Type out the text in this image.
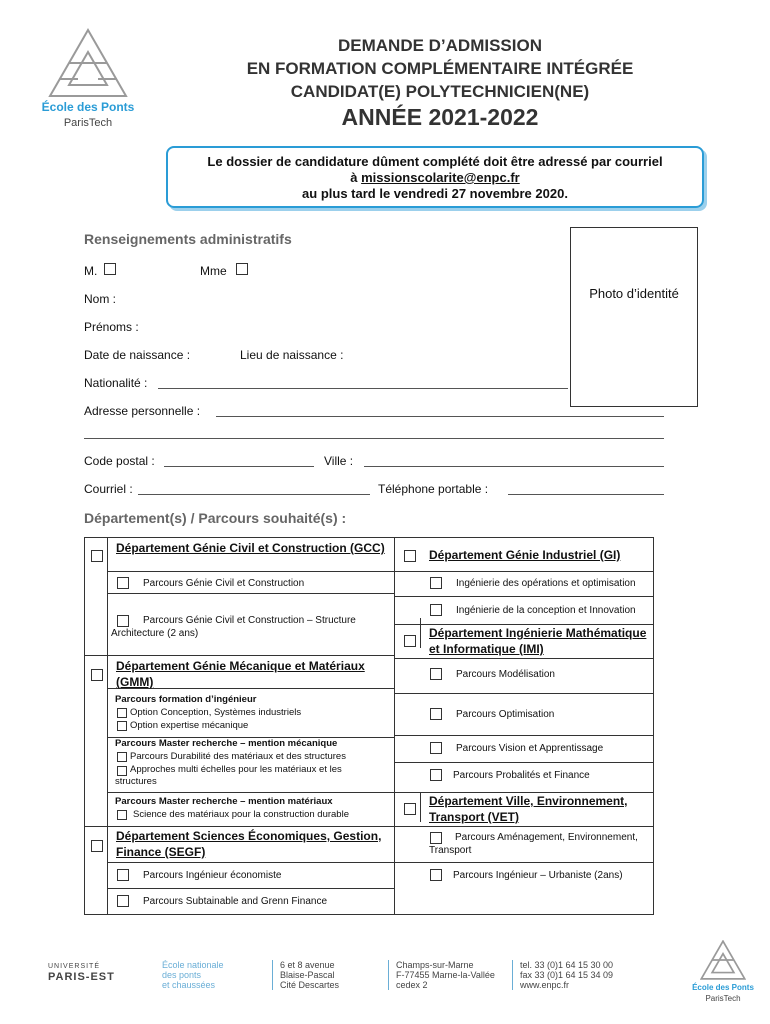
École des Ponts
ParisTech
DEMANDE D’ADMISSION
EN FORMATION COMPLÉMENTAIRE INTÉGRÉE
CANDIDAT(E) POLYTECHNICIEN(NE)
ANNÉE 2021-2022
Le dossier de candidature dûment complété doit être adressé par courriel
à missionscolarite@enpc.fr
au plus tard le vendredi 27 novembre 2020.
Renseignements administratifs
M.	Mme
Photo d’identité
Nom :
Prénoms :
Date de naissance :	Lieu de naissance :
Nationalité :
Adresse personnelle :
Code postal :	Ville :
Courriel :	Téléphone portable :
Département(s) / Parcours souhaité(s) :
Département Génie Civil et Construction (GCC)
Parcours Génie Civil et Construction
Parcours Génie Civil et Construction – Structure Architecture (2 ans)
Département Génie Mécanique et Matériaux (GMM)
Parcours formation d’ingénieur
Option Conception, Systèmes industriels
Option expertise mécanique
Parcours Master recherche – mention mécanique
Parcours Durabilité des matériaux et des structures
Approches multi échelles pour les matériaux et les structures
Parcours Master recherche – mention matériaux
Science des matériaux pour la construction durable
Département Sciences Économiques, Gestion, Finance (SEGF)
Parcours Ingénieur économiste
Parcours Subtainable and Grenn Finance
Département Génie Industriel (GI)
Ingénierie des opérations et optimisation
Ingénierie de la conception et Innovation
Département Ingénierie Mathématique et Informatique (IMI)
Parcours Modélisation
Parcours Optimisation
Parcours Vision et Apprentissage
Parcours Probalités et Finance
Département Ville, Environnement, Transport (VET)
Parcours Aménagement, Environnement, Transport
Parcours Ingénieur – Urbaniste (2ans)
UNIVERSITÉ
PARIS-EST
École nationale
des ponts
et chaussées
6 et 8 avenue
Blaise-Pascal
Cité Descartes
Champs-sur-Marne
F-77455 Marne-la-Vallée
cedex 2
tel. 33 (0)1 64 15 30 00
fax 33 (0)1 64 15 34 09
www.enpc.fr	École des Ponts
ParisTech
